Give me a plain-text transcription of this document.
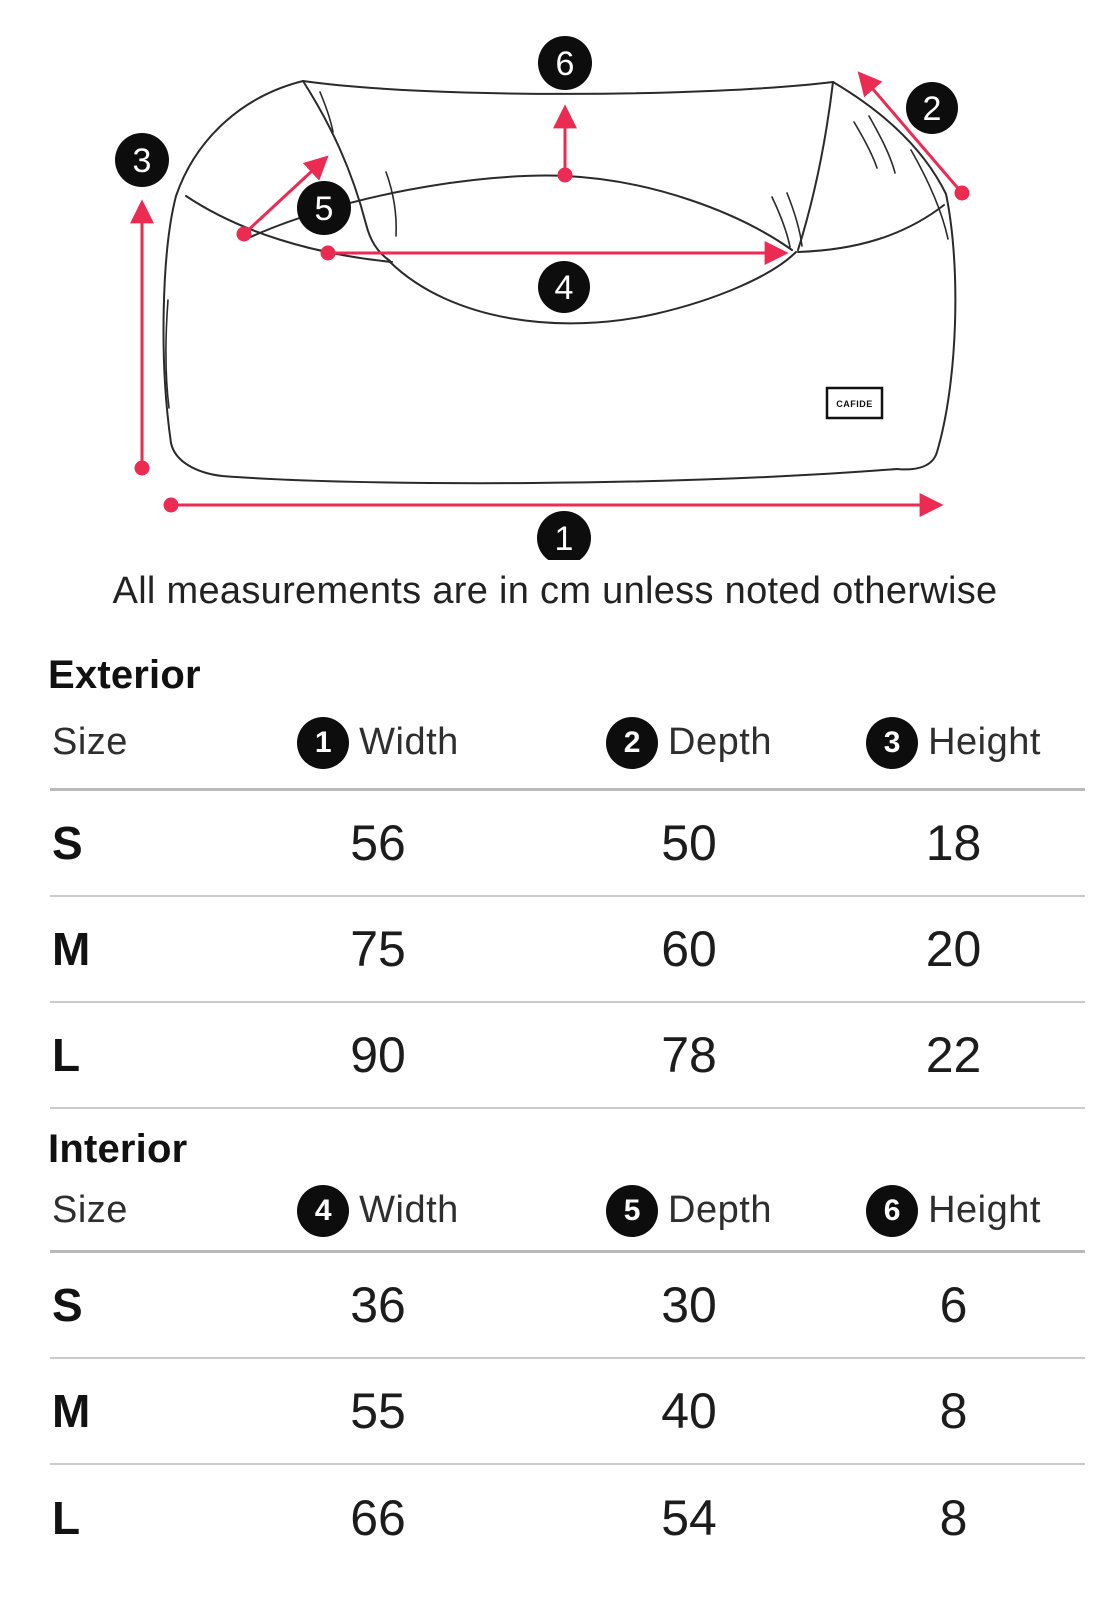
CAFIDE
1
2
3
4
5
6
All measurements are in cm unless noted otherwise
Exterior
Size	1 Width	2 Depth	3 Height
S	56	50	18
M	75	60	20
L	90	78	22
Interior
Size	4 Width	5 Depth	6 Height
S	36	30	6
M	55	40	8
L	66	54	8
